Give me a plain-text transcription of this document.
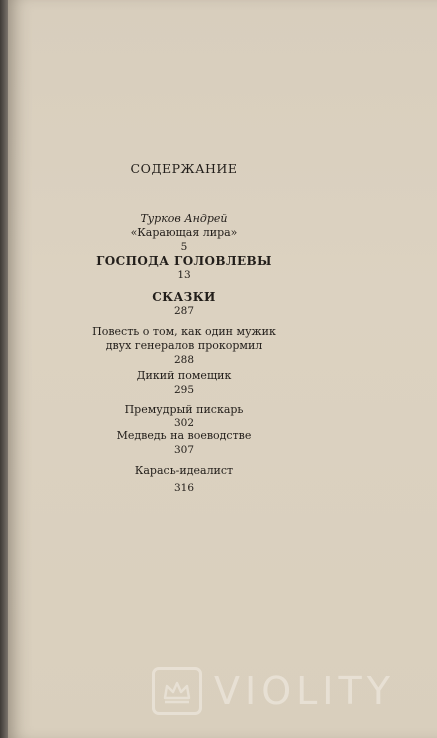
СОДЕРЖАНИЕ
Турков Андрей
«Карающая лира»
5
ГОСПОДА ГОЛОВЛЕВЫ
13
СКАЗКИ
287
Повесть о том, как один мужик
двух генералов прокормил
288
Дикий помещик
295
Премудрый пискарь
302
Медведь на воеводстве
307
Карась-идеалист
316
VIOLITY
